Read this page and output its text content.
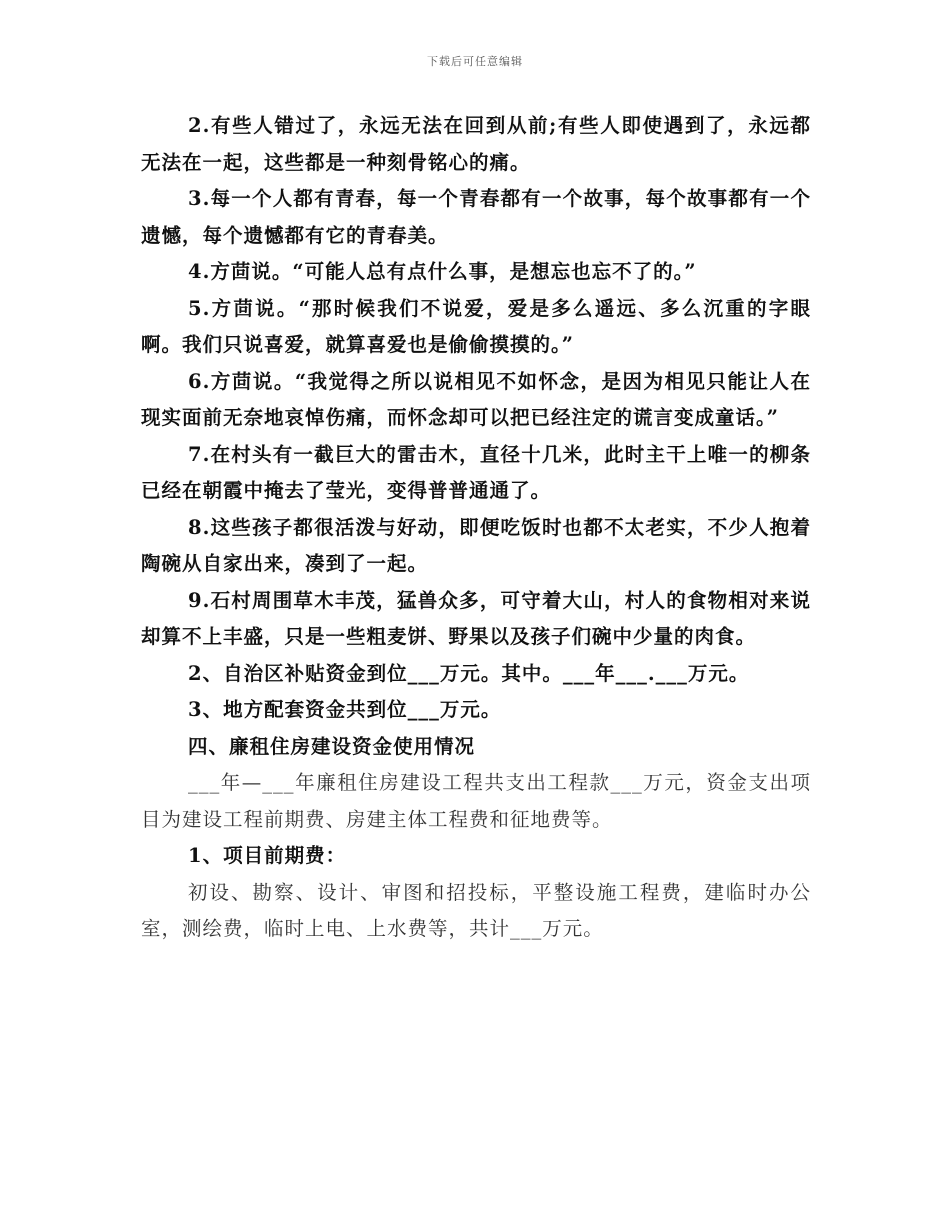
下载后可任意编辑

2.有些人错过了，永远无法在回到从前;有些人即使遇到了，永远都无法在一起，这些都是一种刻骨铭心的痛。

3.每一个人都有青春，每一个青春都有一个故事，每个故事都有一个遗憾，每个遗憾都有它的青春美。

4.方茴说。“可能人总有点什么事，是想忘也忘不了的。”

5.方茴说。“那时候我们不说爱，爱是多么遥远、多么沉重的字眼啊。我们只说喜爱，就算喜爱也是偷偷摸摸的。”

6.方茴说。“我觉得之所以说相见不如怀念，是因为相见只能让人在现实面前无奈地哀悼伤痛，而怀念却可以把已经注定的谎言变成童话。”

7.在村头有一截巨大的雷击木，直径十几米，此时主干上唯一的柳条已经在朝霞中掩去了莹光，变得普普通通了。

8.这些孩子都很活泼与好动，即便吃饭时也都不太老实，不少人抱着陶碗从自家出来，凑到了一起。

9.石村周围草木丰茂，猛兽众多，可守着大山，村人的食物相对来说却算不上丰盛，只是一些粗麦饼、野果以及孩子们碗中少量的肉食。

2、自治区补贴资金到位___万元。其中。___年___.___万元。

3、地方配套资金共到位___万元。

四、廉租住房建设资金使用情况

___年—___年廉租住房建设工程共支出工程款___万元，资金支出项目为建设工程前期费、房建主体工程费和征地费等。

1、项目前期费：

初设、勘察、设计、审图和招投标，平整设施工程费，建临时办公室，测绘费，临时上电、上水费等，共计___万元。
